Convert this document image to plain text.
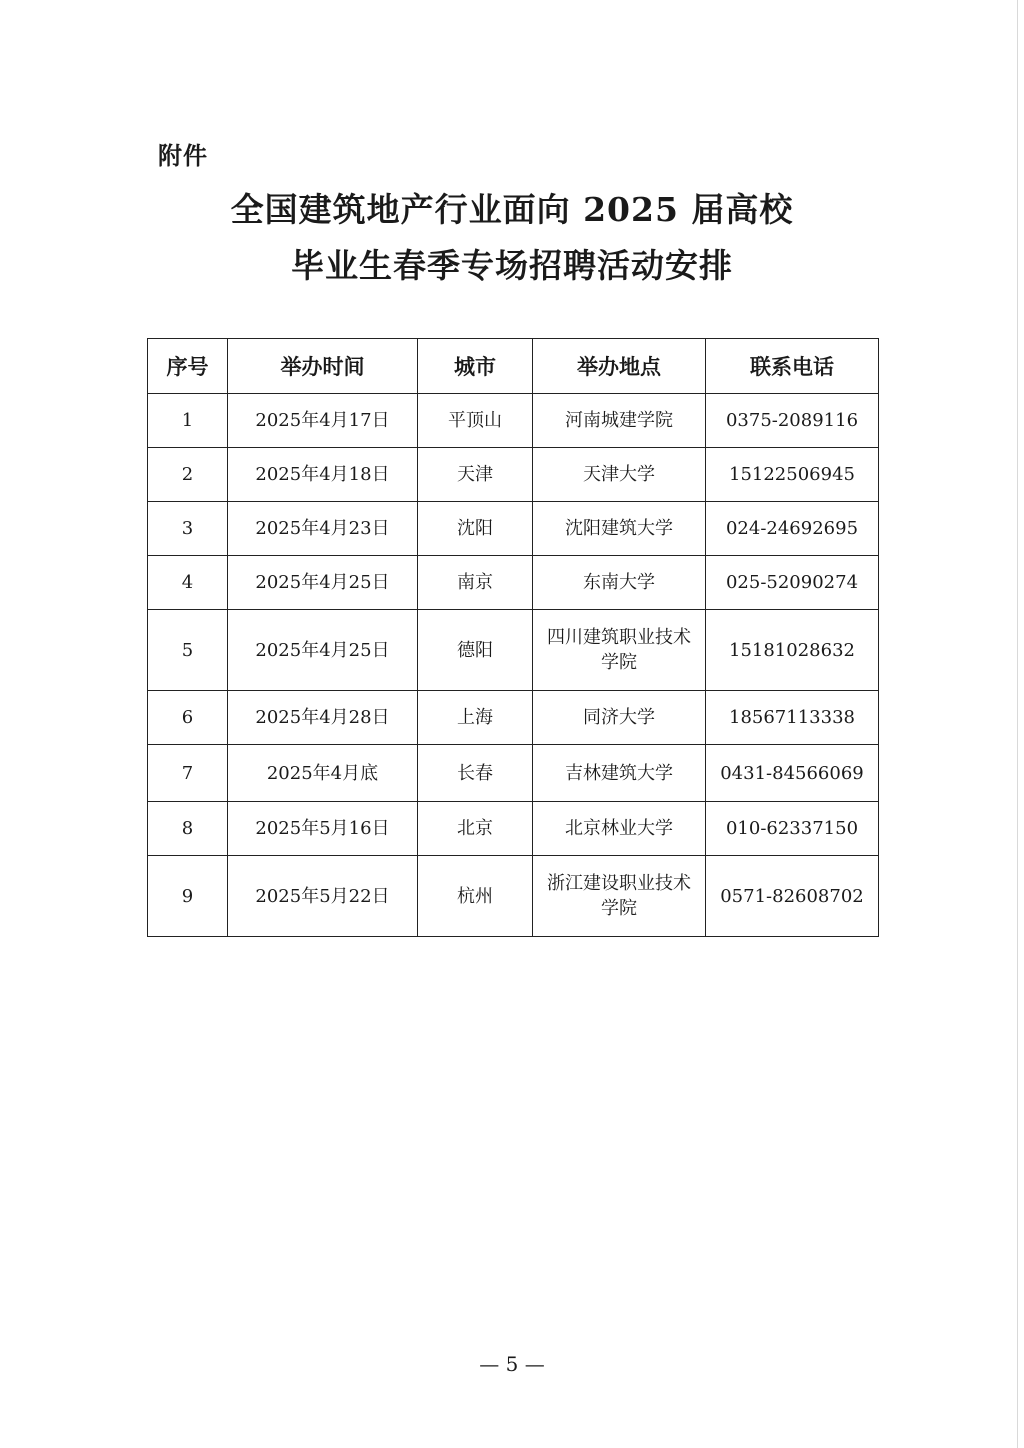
附件
全国建筑地产行业面向 2025 届高校
毕业生春季专场招聘活动安排
序号	举办时间	城市	举办地点	联系电话
1	2025年4月17日	平顶山	河南城建学院	0375-2089116
2	2025年4月18日	天津	天津大学	15122506945
3	2025年4月23日	沈阳	沈阳建筑大学	024-24692695
4	2025年4月25日	南京	东南大学	025-52090274
5	2025年4月25日	德阳	四川建筑职业技术学院	15181028632
6	2025年4月28日	上海	同济大学	18567113338
7	2025年4月底	长春	吉林建筑大学	0431-84566069
8	2025年5月16日	北京	北京林业大学	010-62337150
9	2025年5月22日	杭州	浙江建设职业技术学院	0571-82608702
— 5 —
